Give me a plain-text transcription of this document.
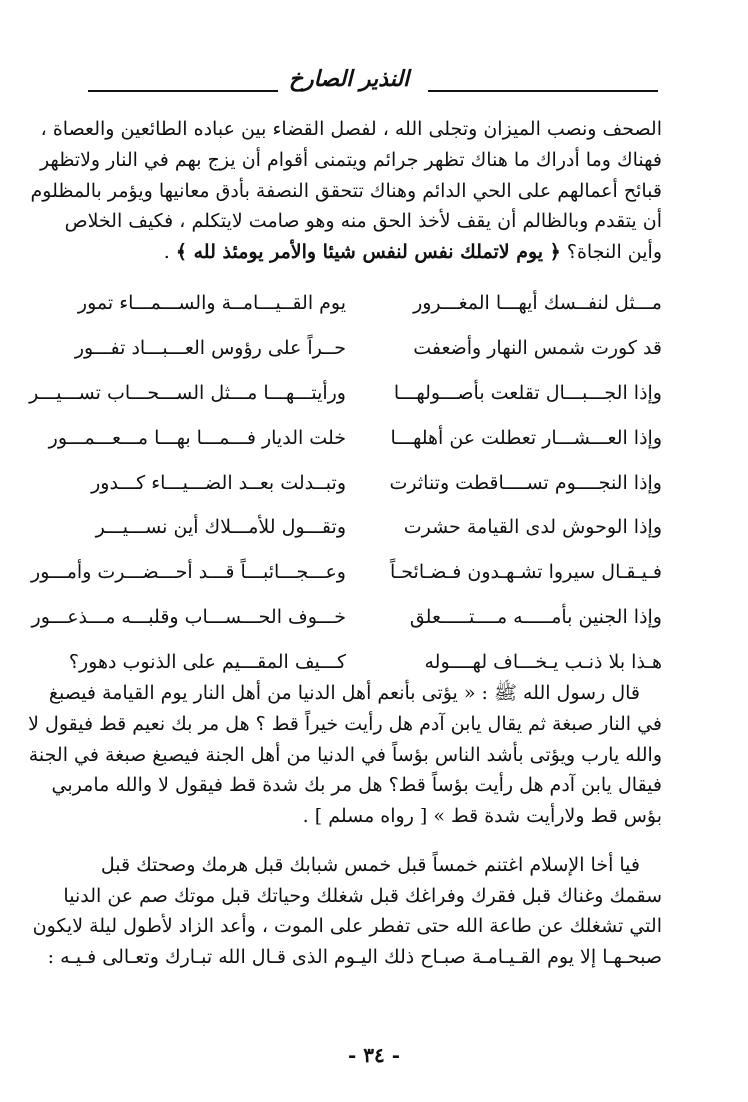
النذير الصارخ
الصحف ونصب الميزان وتجلى الله ، لفصل القضاء بين عباده الطائعين والعصاة ،
فهناك وما أدراك ما هناك تظهر جرائم ويتمنى أقوام أن يزج بهم في النار ولاتظهر
قبائح أعمالهم على الحي الدائم وهناك تتحقق النصفة بأدق معانيها ويؤمر بالمظلوم
أن يتقدم وبالظالم أن يقف لأخذ الحق منه وهو صامت لايتكلم ، فكيف الخلاص
وأين النجاة؟ ﴿ يوم لاتملك نفس لنفس شيئا والأمر يومئذ لله ﴾ .
مـــثل لنفــسك أيهـــا المغـــرور
يوم القــيـــامــة والســـمـــاء تمور
قد كورت شمس النهار وأضعفت
حــراً على رؤوس العـــبـــاد تفـــور
وإذا الجـــبـــال تقلعت بأصـــولهـــا
ورأيتـــهـــا مـــثل الســـحـــاب تســـيـــر
وإذا العـــشـــار تعطلت عن أهلهـــا
خلت الديار فـــمـــا بهـــا مـــعـــمـــور
وإذا النجــــوم تســــاقطت وتناثرت
وتبــدلت بعــد الضـــيـــاء كـــدور
وإذا الوحوش لدى القيامة حشرت
وتقـــول للأمـــلاك أين نســـيـــر
فـيـقـال سيروا تشـهـدون فـضـائحـاً
وعـــجـــائبـــاً قـــد أحـــضـــرت وأمـــور
وإذا الجنين بأمـــــه مــــتـــــعلق
خـــوف الحـــســـاب وقلبـــه مـــذعـــور
هـذا بلا ذنـب يـخـــاف لهــــوله
كـــيف المقـــيم على الذنوب دهور؟
قال رسول الله ﷺ : « يؤتى بأنعم أهل الدنيا من أهل النار يوم القيامة فيصبغ
في النار صبغة ثم يقال يابن آدم هل رأيت خيراً قط ؟ هل مر بك نعيم قط فيقول لا
والله يارب ويؤتى بأشد الناس بؤساً في الدنيا من أهل الجنة فيصبغ صبغة في الجنة
فيقال يابن آدم هل رأيت بؤساً قط؟ هل مر بك شدة قط فيقول لا والله مامربي
بؤس قط ولارأيت شدة قط » [ رواه مسلم ] .
فيا أخا الإسلام اغتنم خمساً قبل خمس شبابك قبل هرمك وصحتك قبل
سقمك وغناك قبل فقرك وفراغك قبل شغلك وحياتك قبل موتك صم عن الدنيا
التي تشغلك عن طاعة الله حتى تفطر على الموت ، وأعد الزاد لأطول ليلة لايكون
صبحـهـا إلا يوم القـيـامـة صبـاح ذلك اليـوم الذى قـال الله تبـارك وتعـالى فـيـه :
- ٣٤ -
